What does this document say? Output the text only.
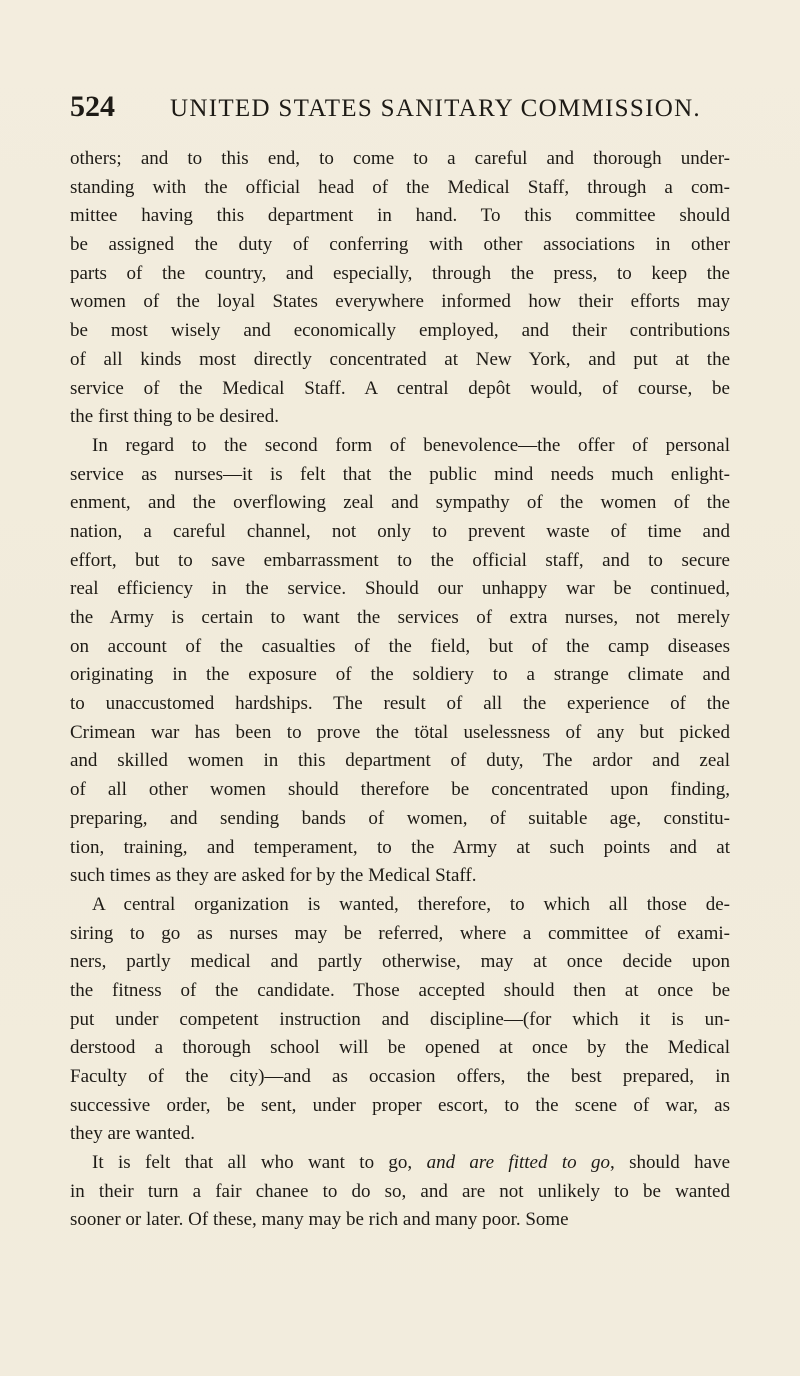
524 UNITED STATES SANITARY COMMISSION.
others; and to this end, to come to a careful and thorough under-
standing with the official head of the Medical Staff, through a com-
mittee having this department in hand. To this committee should
be assigned the duty of conferring with other associations in other
parts of the country, and especially, through the press, to keep the
women of the loyal States everywhere informed how their efforts may
be most wisely and economically employed, and their contributions
of all kinds most directly concentrated at New York, and put at the
service of the Medical Staff. A central depôt would, of course, be
the first thing to be desired.
In regard to the second form of benevolence—the offer of personal
service as nurses—it is felt that the public mind needs much enlight-
enment, and the overflowing zeal and sympathy of the women of the
nation, a careful channel, not only to prevent waste of time and
effort, but to save embarrassment to the official staff, and to secure
real efficiency in the service. Should our unhappy war be continued,
the Army is certain to want the services of extra nurses, not merely
on account of the casualties of the field, but of the camp diseases
originating in the exposure of the soldiery to a strange climate and
to unaccustomed hardships. The result of all the experience of the
Crimean war has been to prove the tötal uselessness of any but picked
and skilled women in this department of duty, The ardor and zeal
of all other women should therefore be concentrated upon finding,
preparing, and sending bands of women, of suitable age, constitu-
tion, training, and temperament, to the Army at such points and at
such times as they are asked for by the Medical Staff.
A central organization is wanted, therefore, to which all those de-
siring to go as nurses may be referred, where a committee of exami-
ners, partly medical and partly otherwise, may at once decide upon
the fitness of the candidate. Those accepted should then at once be
put under competent instruction and discipline—(for which it is un-
derstood a thorough school will be opened at once by the Medical
Faculty of the city)—and as occasion offers, the best prepared, in
successive order, be sent, under proper escort, to the scene of war, as
they are wanted.
It is felt that all who want to go, and are fitted to go, should have
in their turn a fair chanee to do so, and are not unlikely to be wanted
sooner or later. Of these, many may be rich and many poor. Some
